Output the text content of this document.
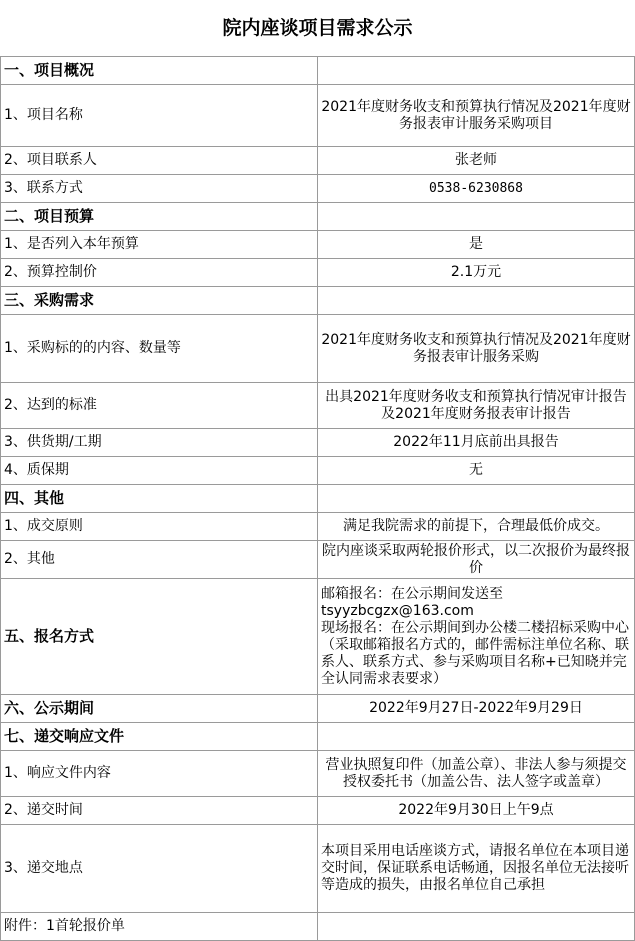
院内座谈项目需求公示	
一、项目概况	
1、项目名称	2021年度财务收支和预算执行情况及2021年度财务报表审计服务采购项目
2、项目联系人	张老师
3、联系方式	0538-6230868
二、项目预算	
1、是否列入本年预算	是
2、预算控制价	2.1万元
三、采购需求	
1、采购标的的内容、数量等	2021年度财务收支和预算执行情况及2021年度财务报表审计服务采购
2、达到的标准	出具2021年度财务收支和预算执行情况审计报告及2021年度财务报表审计报告
3、供货期/工期	2022年11月底前出具报告
4、质保期	无
四、其他	
1、成交原则	满足我院需求的前提下，合理最低价成交。
2、其他	院内座谈采取两轮报价形式，以二次报价为最终报价
五、报名方式	邮箱报名：在公示期间发送至tsyyzbcgzx@163.com
现场报名：在公示期间到办公楼二楼招标采购中心
（采取邮箱报名方式的，邮件需标注单位名称、联系人、联系方式、参与采购项目名称+已知晓并完全认同需求表要求）

六、公示期间	2022年9月27日-2022年9月29日
七、递交响应文件	
1、响应文件内容	营业执照复印件（加盖公章）、非法人参与须提交授权委托书（加盖公告、法人签字或盖章）
2、递交时间	2022年9月30日上午9点
3、递交地点	本项目采用电话座谈方式，请报名单位在本项目递交时间，保证联系电话畅通，因报名单位无法接听等造成的损失，由报名单位自己承担
附件：1首轮报价单	
